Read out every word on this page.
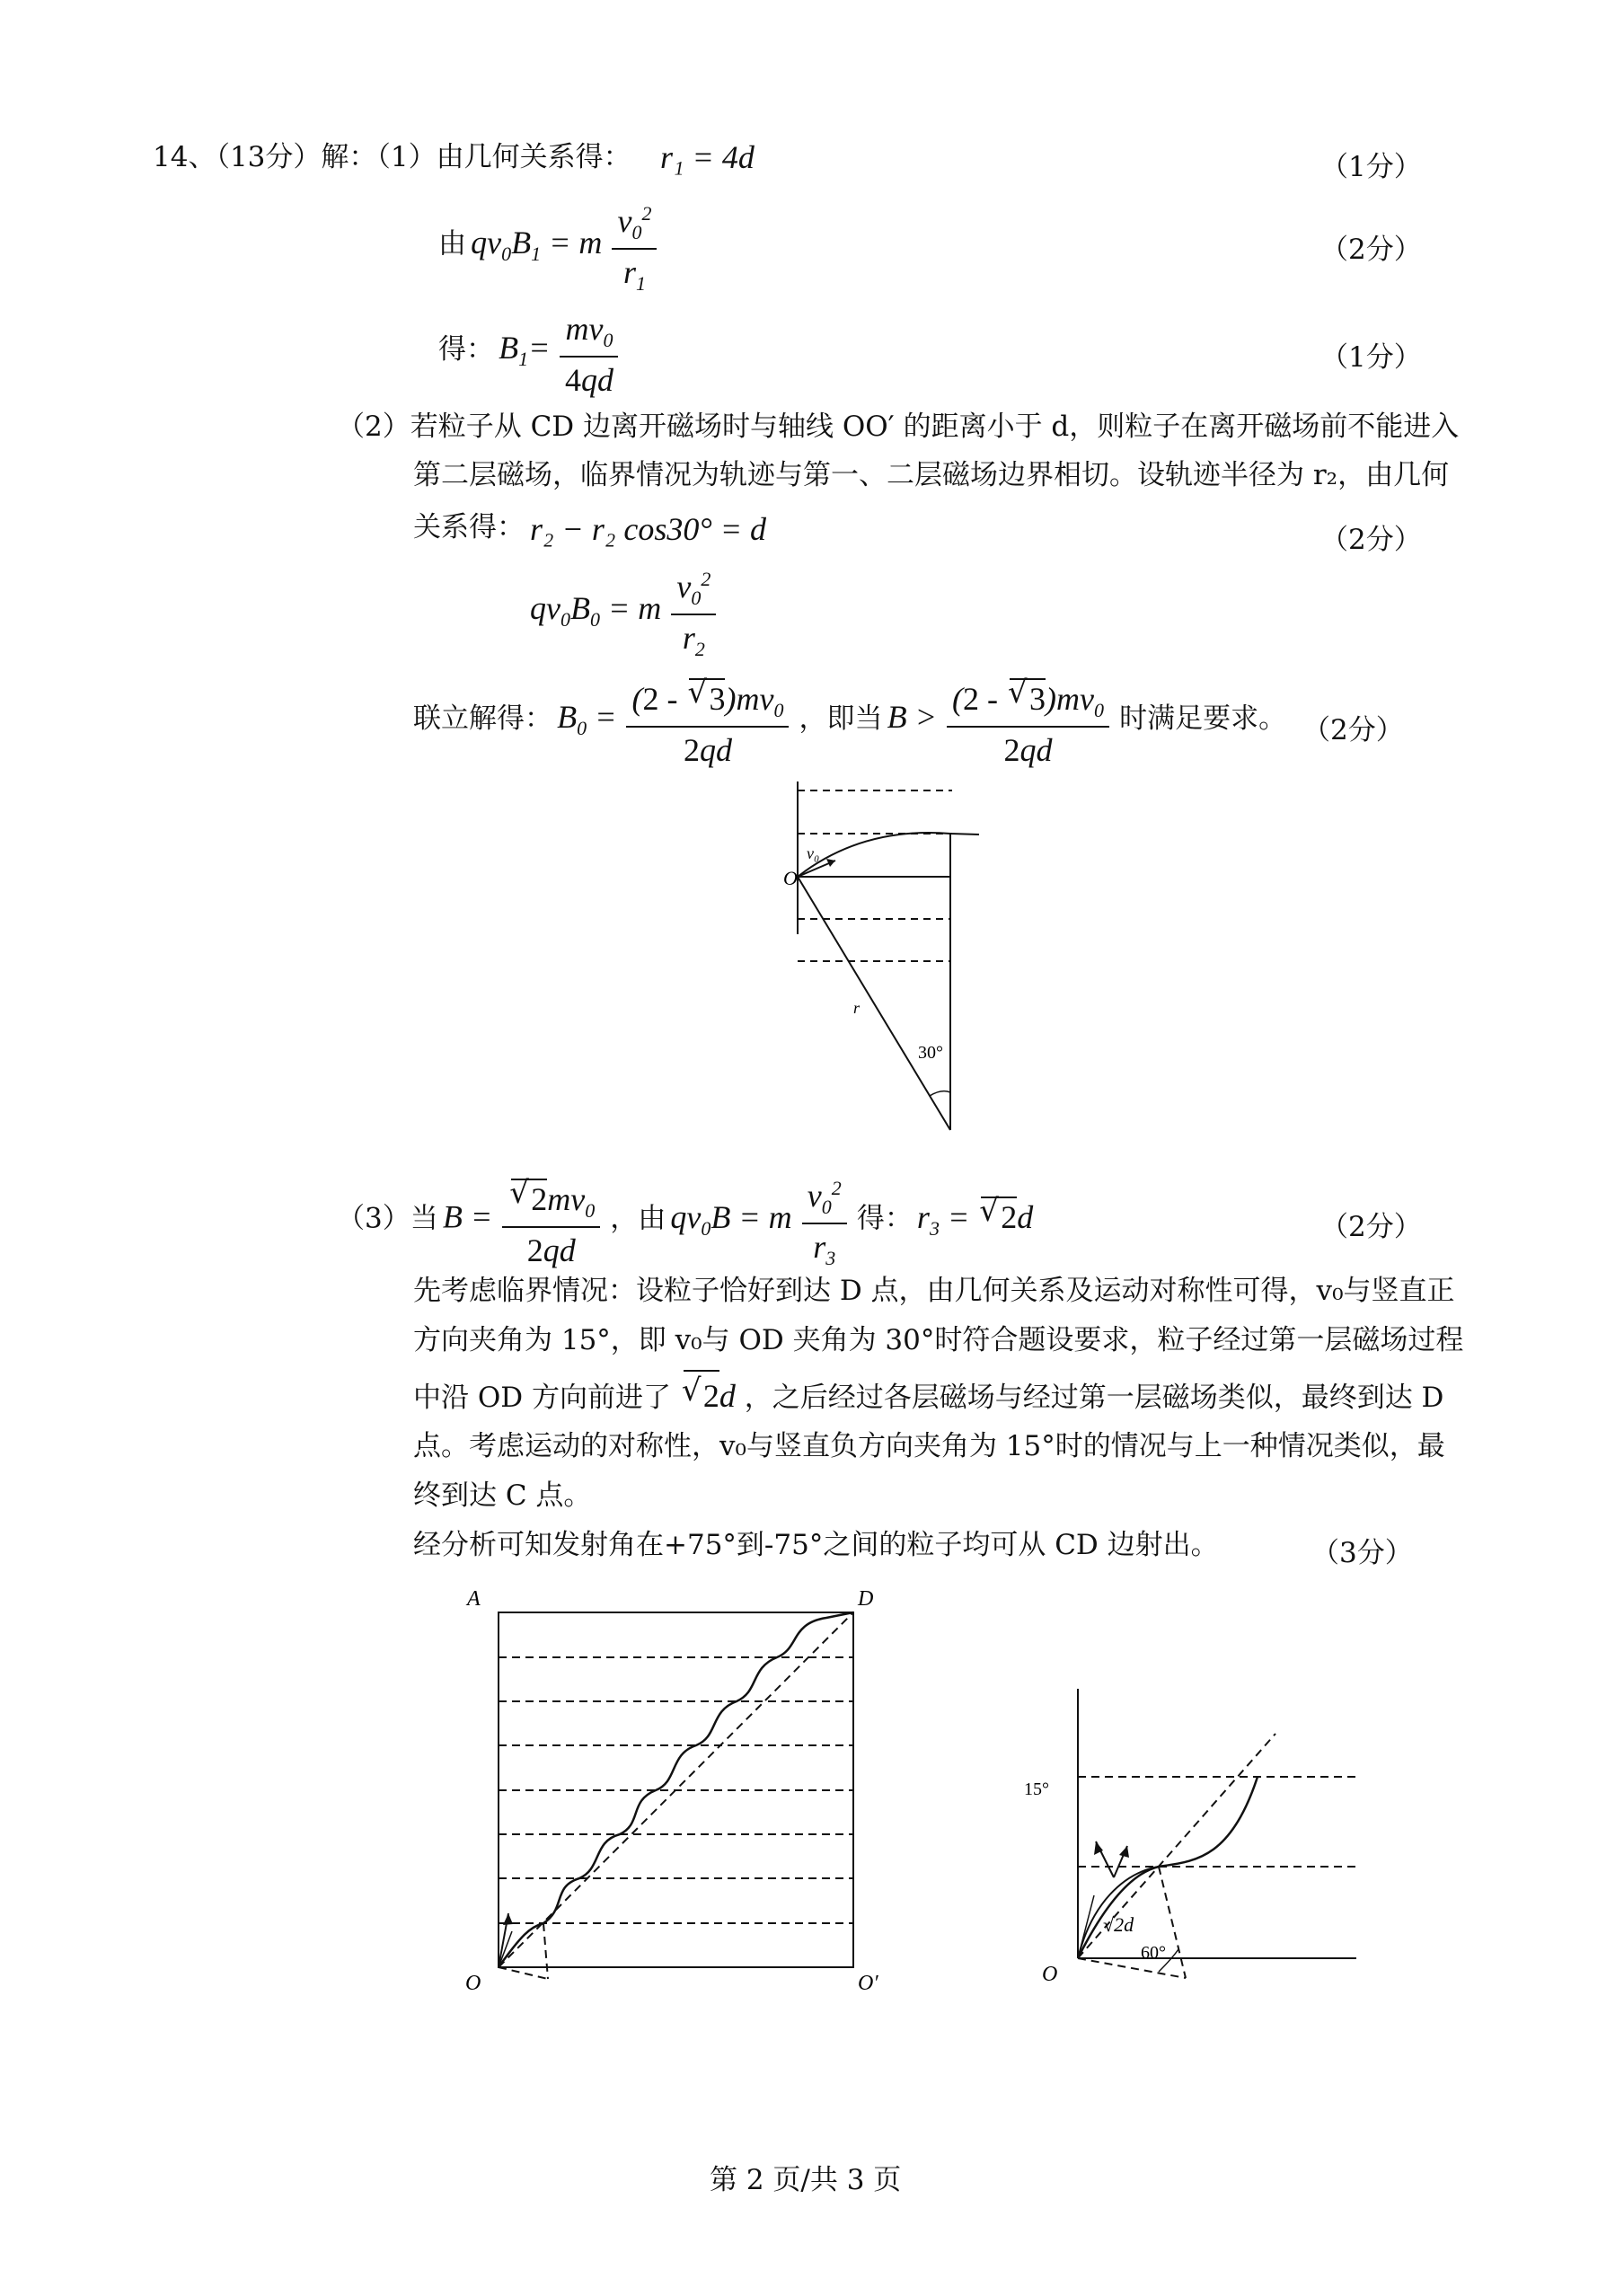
14、（13分）解：（1）由几何关系得： r₁ = 4d	（1分）
由 $qv_0B_1 = m \frac{v_0^2}{r_1}$	（2分）
得： $B_1= \frac{mv_0}{4qd}$	（1分）
（2）若粒子从 CD 边离开磁场时与轴线 OO′ 的距离小于 d，则粒子在离开磁场前不能进入
第二层磁场，临界情况为轨迹与第一、二层磁场边界相切。设轨迹半径为 r₂，由几何
关系得： r₂ − r₂ cos30° = d	（2分）
$qv_0B_0 = m \frac{v_0^2}{r_2}$
联立解得： $B_0 = \frac{(2 - √ 3)mv_0}{2qd}$ ，即当 $B > \frac{(2 - √ 3)mv_0}{2qd}$ 时满足要求。 （2分）
O
v₀
r
30°
（3）当 B = √ $\frac{2mv_0}{2qd}$ ，由 $qv_0B = m \frac{v_0^2}{r_3}$ 得： $r_3$ = √ 2d	（2分）
先考虑临界情况：设粒子恰好到达 D 点，由几何关系及运动对称性可得，v₀与竖直正
方向夹角为 15°，即 v₀与 OD 夹角为 30°时符合题设要求，粒子经过第一层磁场过程
中沿 OD 方向前进了 √ 2d ，之后经过各层磁场与经过第一层磁场类似，最终到达 D
点。考虑运动的对称性，v₀与竖直负方向夹角为 15°时的情况与上一种情况类似，最
终到达 C 点。
经分析可知发射角在+75°到-75°之间的粒子均可从 CD 边射出。	（3分）
A	D
O	O′	O
15°
√2d
60°
第 2 页/共 3 页
